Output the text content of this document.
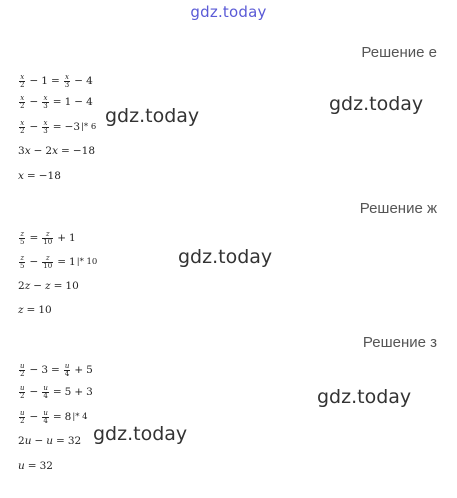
gdz.today
gdz.today
gdz.today
gdz.today
gdz.today
gdz.today
Решение е
$\frac{x}{2} - 1 = \frac{x}{3} - 4$
$\frac{x}{2} - \frac{x}{3} = 1 - 4$
$\frac{x}{2} - \frac{x}{3} = -3$ |* 6
3 x − 2 x = −18
x = −18
Решение ж
$\frac{z}{5} = \frac{z}{10} + 1$
$\frac{z}{5} - \frac{z}{10} = 1$ |* 10
2 z − z = 10
z = 10
Решение з
$\frac{u}{2} - 3 = \frac{u}{4} + 5$
$\frac{u}{2} - \frac{u}{4} = 5 + 3$
$\frac{u}{2} - \frac{u}{4} = 8$ |* 4
2 u − u = 32
u = 32
